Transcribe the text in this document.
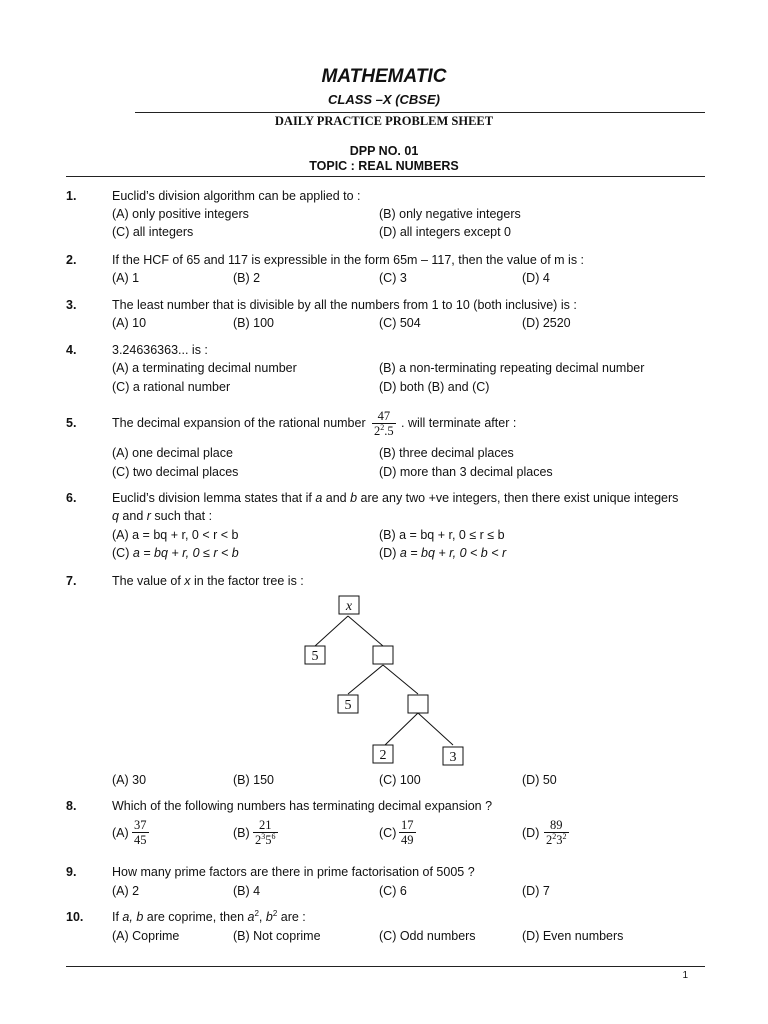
MATHEMATIC
CLASS –X (CBSE)
DAILY PRACTICE PROBLEM SHEET
DPP NO. 01
TOPIC : REAL NUMBERS
1.	Euclid’s division algorithm can be applied to :
(A) only positive integers	(B) only negative integers
(C) all integers	(D) all integers except 0
2.	If the HCF of 65 and 117 is expressible in the form 65m – 117, then the value of m is :
(A) 1	(B) 2	(C) 3	(D) 4
3.	The least number that is divisible by all the numbers from 1 to 10 (both inclusive) is :
(A) 10	(B) 100	(C) 504	(D) 2520
4.	3.24636363... is :
(A) a terminating decimal number	(B) a non-terminating repeating decimal number
(C) a rational number	(D) both (B) and (C)
5.	The decimal expansion of the rational number $\frac{47}{2^2.5}$ . will terminate after :
(A) one decimal place	(B) three decimal places
(C) two decimal places	(D) more than 3 decimal places
6.	Euclid’s division lemma states that if a and b are any two +ve integers, then there exist unique integers
q and r such that :
(A) a = bq + r, 0 < r < b	(B) a = bq + r, 0 ≤ r ≤ b
(C) a = bq + r, 0 ≤ r < b	(D) a = bq + r, 0 < b < r
7.	The value of x in the factor tree is :
x
5
5
2	3
(A) 30	(B) 150	(C) 100	(D) 50
8.	Which of the following numbers has terminating decimal expansion ?
$(A) \frac{37}{45}$	$(B) \frac{21}{2^35^6}$	$(C) \frac{17}{49}$	$(D) \frac{89}{2^23^2}$
9.	How many prime factors are there in prime factorisation of 5005 ?
(A) 2	(B) 4	(C) 6	(D) 7
10. If a, b are coprime, then $a^2$, $b^2$ are :
(A) Coprime	(B) Not coprime	(C) Odd numbers	(D) Even numbers
1
